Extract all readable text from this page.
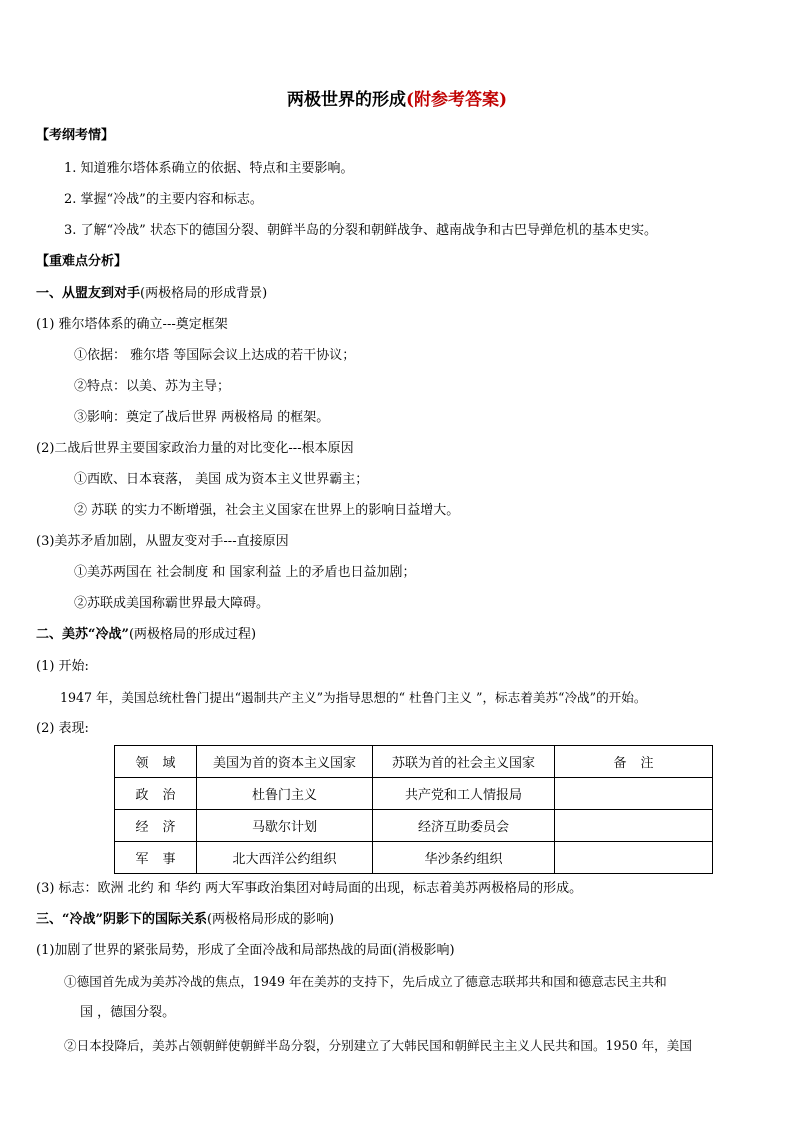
两极世界的形成(附参考答案)
【考纲考情】
1. 知道雅尔塔体系确立的依据、特点和主要影响。
2. 掌握“冷战”的主要内容和标志。
3. 了解“冷战” 状态下的德国分裂、朝鲜半岛的分裂和朝鲜战争、越南战争和古巴导弹危机的基本史实。
【重难点分析】
一、从盟友到对手(两极格局的形成背景)
(1) 雅尔塔体系的确立---奠定框架
①依据： 雅尔塔 等国际会议上达成的若干协议；
②特点：以美、苏为主导；
③影响：奠定了战后世界 两极格局 的框架。
(2)二战后世界主要国家政治力量的对比变化---根本原因
①西欧、日本衰落， 美国 成为资本主义世界霸主；
② 苏联 的实力不断增强，社会主义国家在世界上的影响日益增大。
(3)美苏矛盾加剧，从盟友变对手---直接原因
①美苏两国在 社会制度 和 国家利益 上的矛盾也日益加剧；
②苏联成美国称霸世界最大障碍。
二、美苏“冷战”(两极格局的形成过程)
(1) 开始:
1947 年，美国总统杜鲁门提出“遏制共产主义”为指导思想的“ 杜鲁门主义 ”，标志着美苏“冷战”的开始。
(2) 表现:
领域	美国为首的资本主义国家	苏联为首的社会主义国家	备注
政治	杜鲁门主义	共产党和工人情报局	
经济	马歇尔计划	经济互助委员会	
军事	北大西洋公约组织	华沙条约组织	
(3) 标志：欧洲 北约 和 华约 两大军事政治集团对峙局面的出现，标志着美苏两极格局的形成。
三、“冷战”阴影下的国际关系(两极格局形成的影响)
(1)加剧了世界的紧张局势，形成了全面冷战和局部热战的局面(消极影响)
①德国首先成为美苏冷战的焦点，1949 年在美苏的支持下，先后成立了德意志联邦共和国和德意志民主共和
国 ，德国分裂。
②日本投降后，美苏占领朝鲜使朝鲜半岛分裂，分别建立了大韩民国和朝鲜民主主义人民共和国。1950 年，美国
